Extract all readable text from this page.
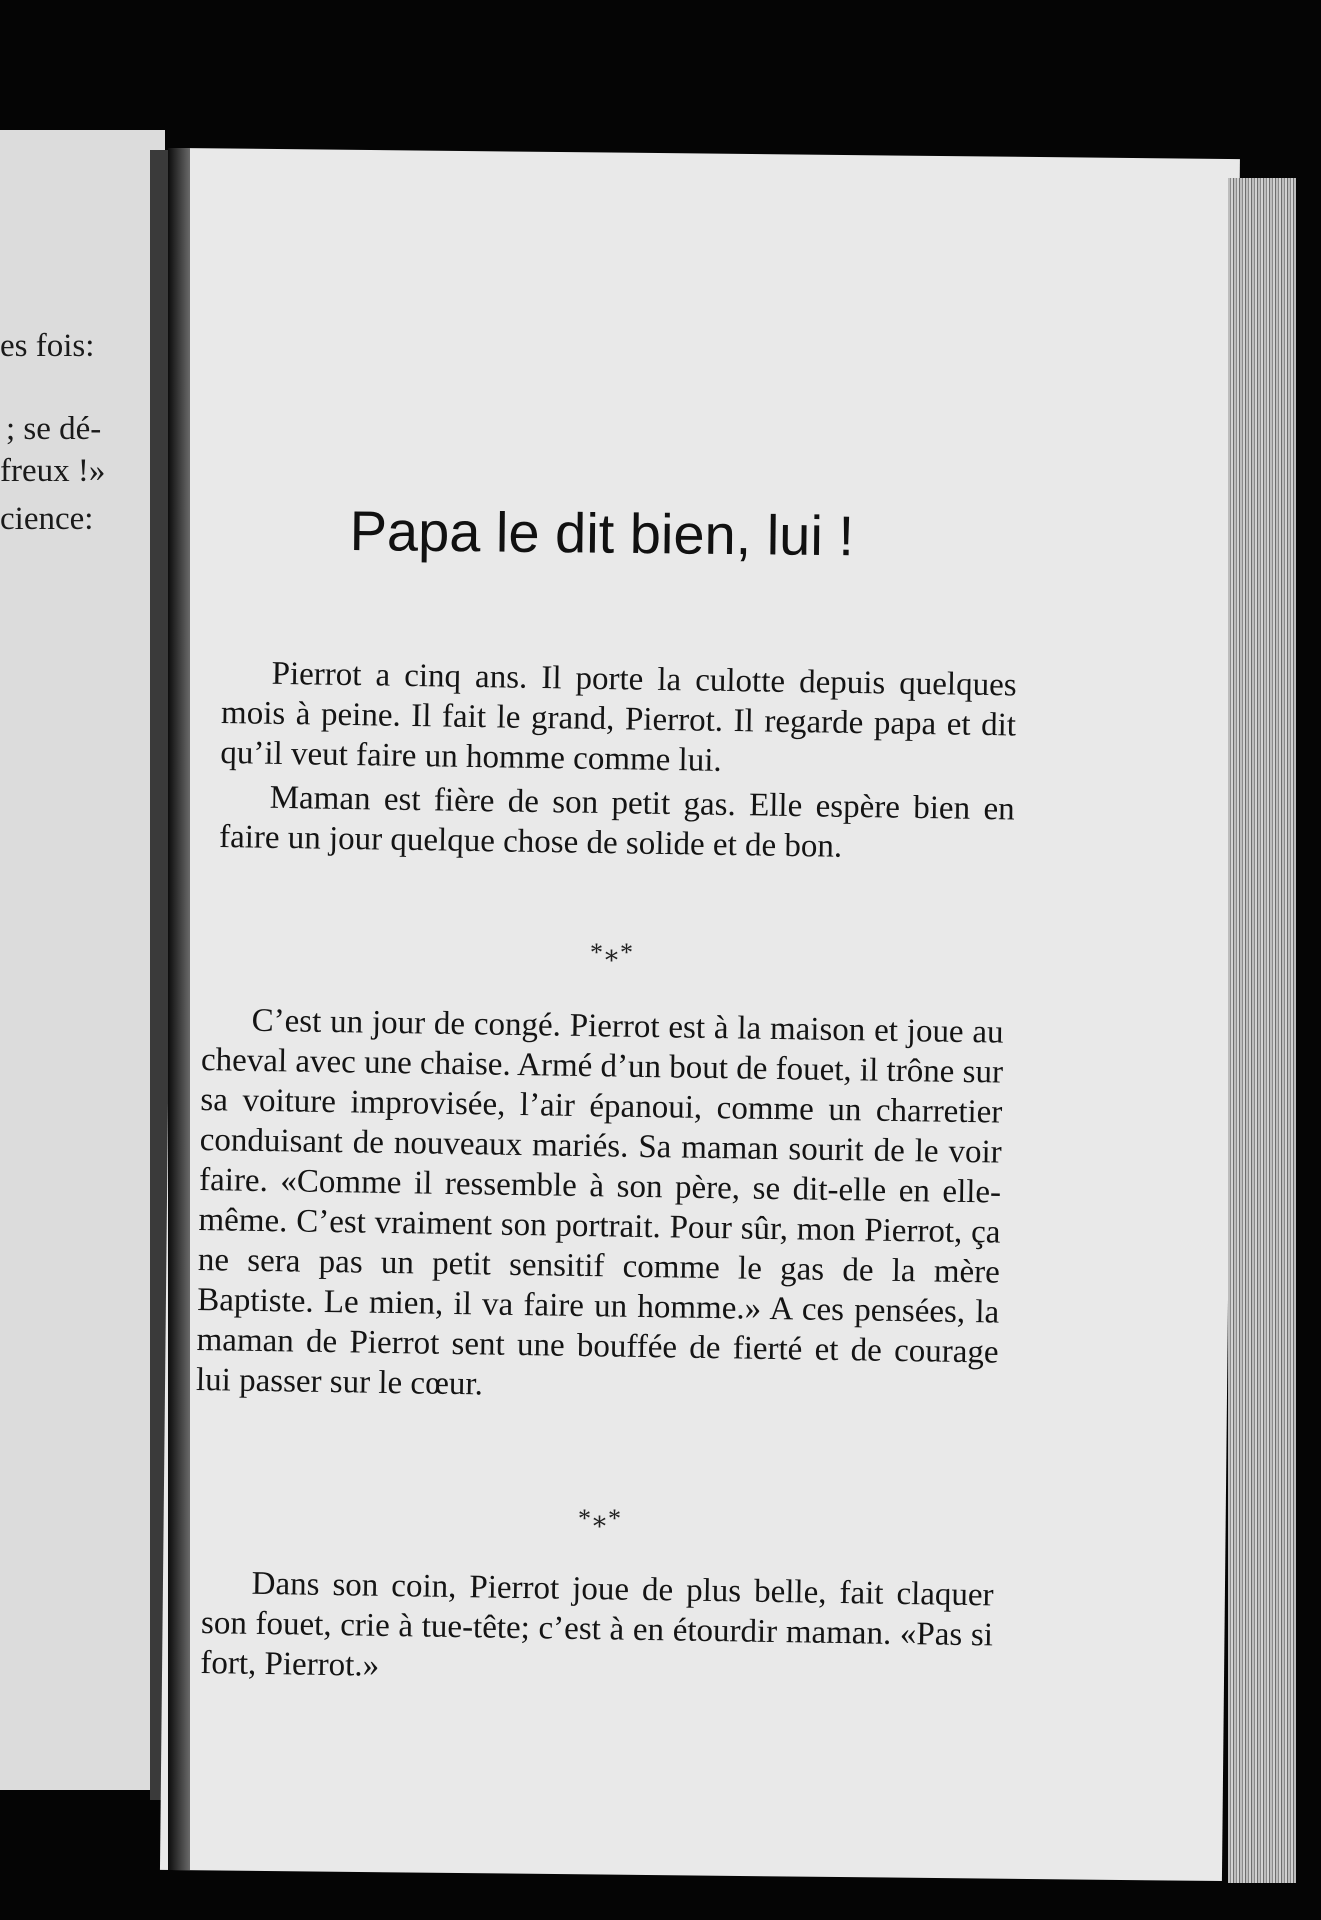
es fois:
; se dé-
freux !»
cience:	Papa le dit bien, lui !

Pierrot a cinq ans. Il porte la culotte depuis quelques mois à peine. Il fait le grand, Pierrot. Il regarde papa et dit qu’il veut faire un homme comme lui.

Maman est fière de son petit gas. Elle espère bien en faire un jour quelque chose de solide et de bon.

*⁎*

C’est un jour de congé. Pierrot est à la maison et joue au cheval avec une chaise. Armé d’un bout de fouet, il trône sur sa voiture improvisée, l’air épanoui, comme un charretier conduisant de nouveaux mariés. Sa maman sourit de le voir faire. «Comme il ressemble à son père, se dit-elle en elle-même. C’est vraiment son portrait. Pour sûr, mon Pierrot, ça ne sera pas un petit sensitif comme le gas de la mère Baptiste. Le mien, il va faire un homme.» A ces pensées, la maman de Pierrot sent une bouffée de fierté et de courage lui passer sur le cœur.

*⁎*

Dans son coin, Pierrot joue de plus belle, fait claquer son fouet, crie à tue-tête; c’est à en étourdir maman. «Pas si fort, Pierrot.»
